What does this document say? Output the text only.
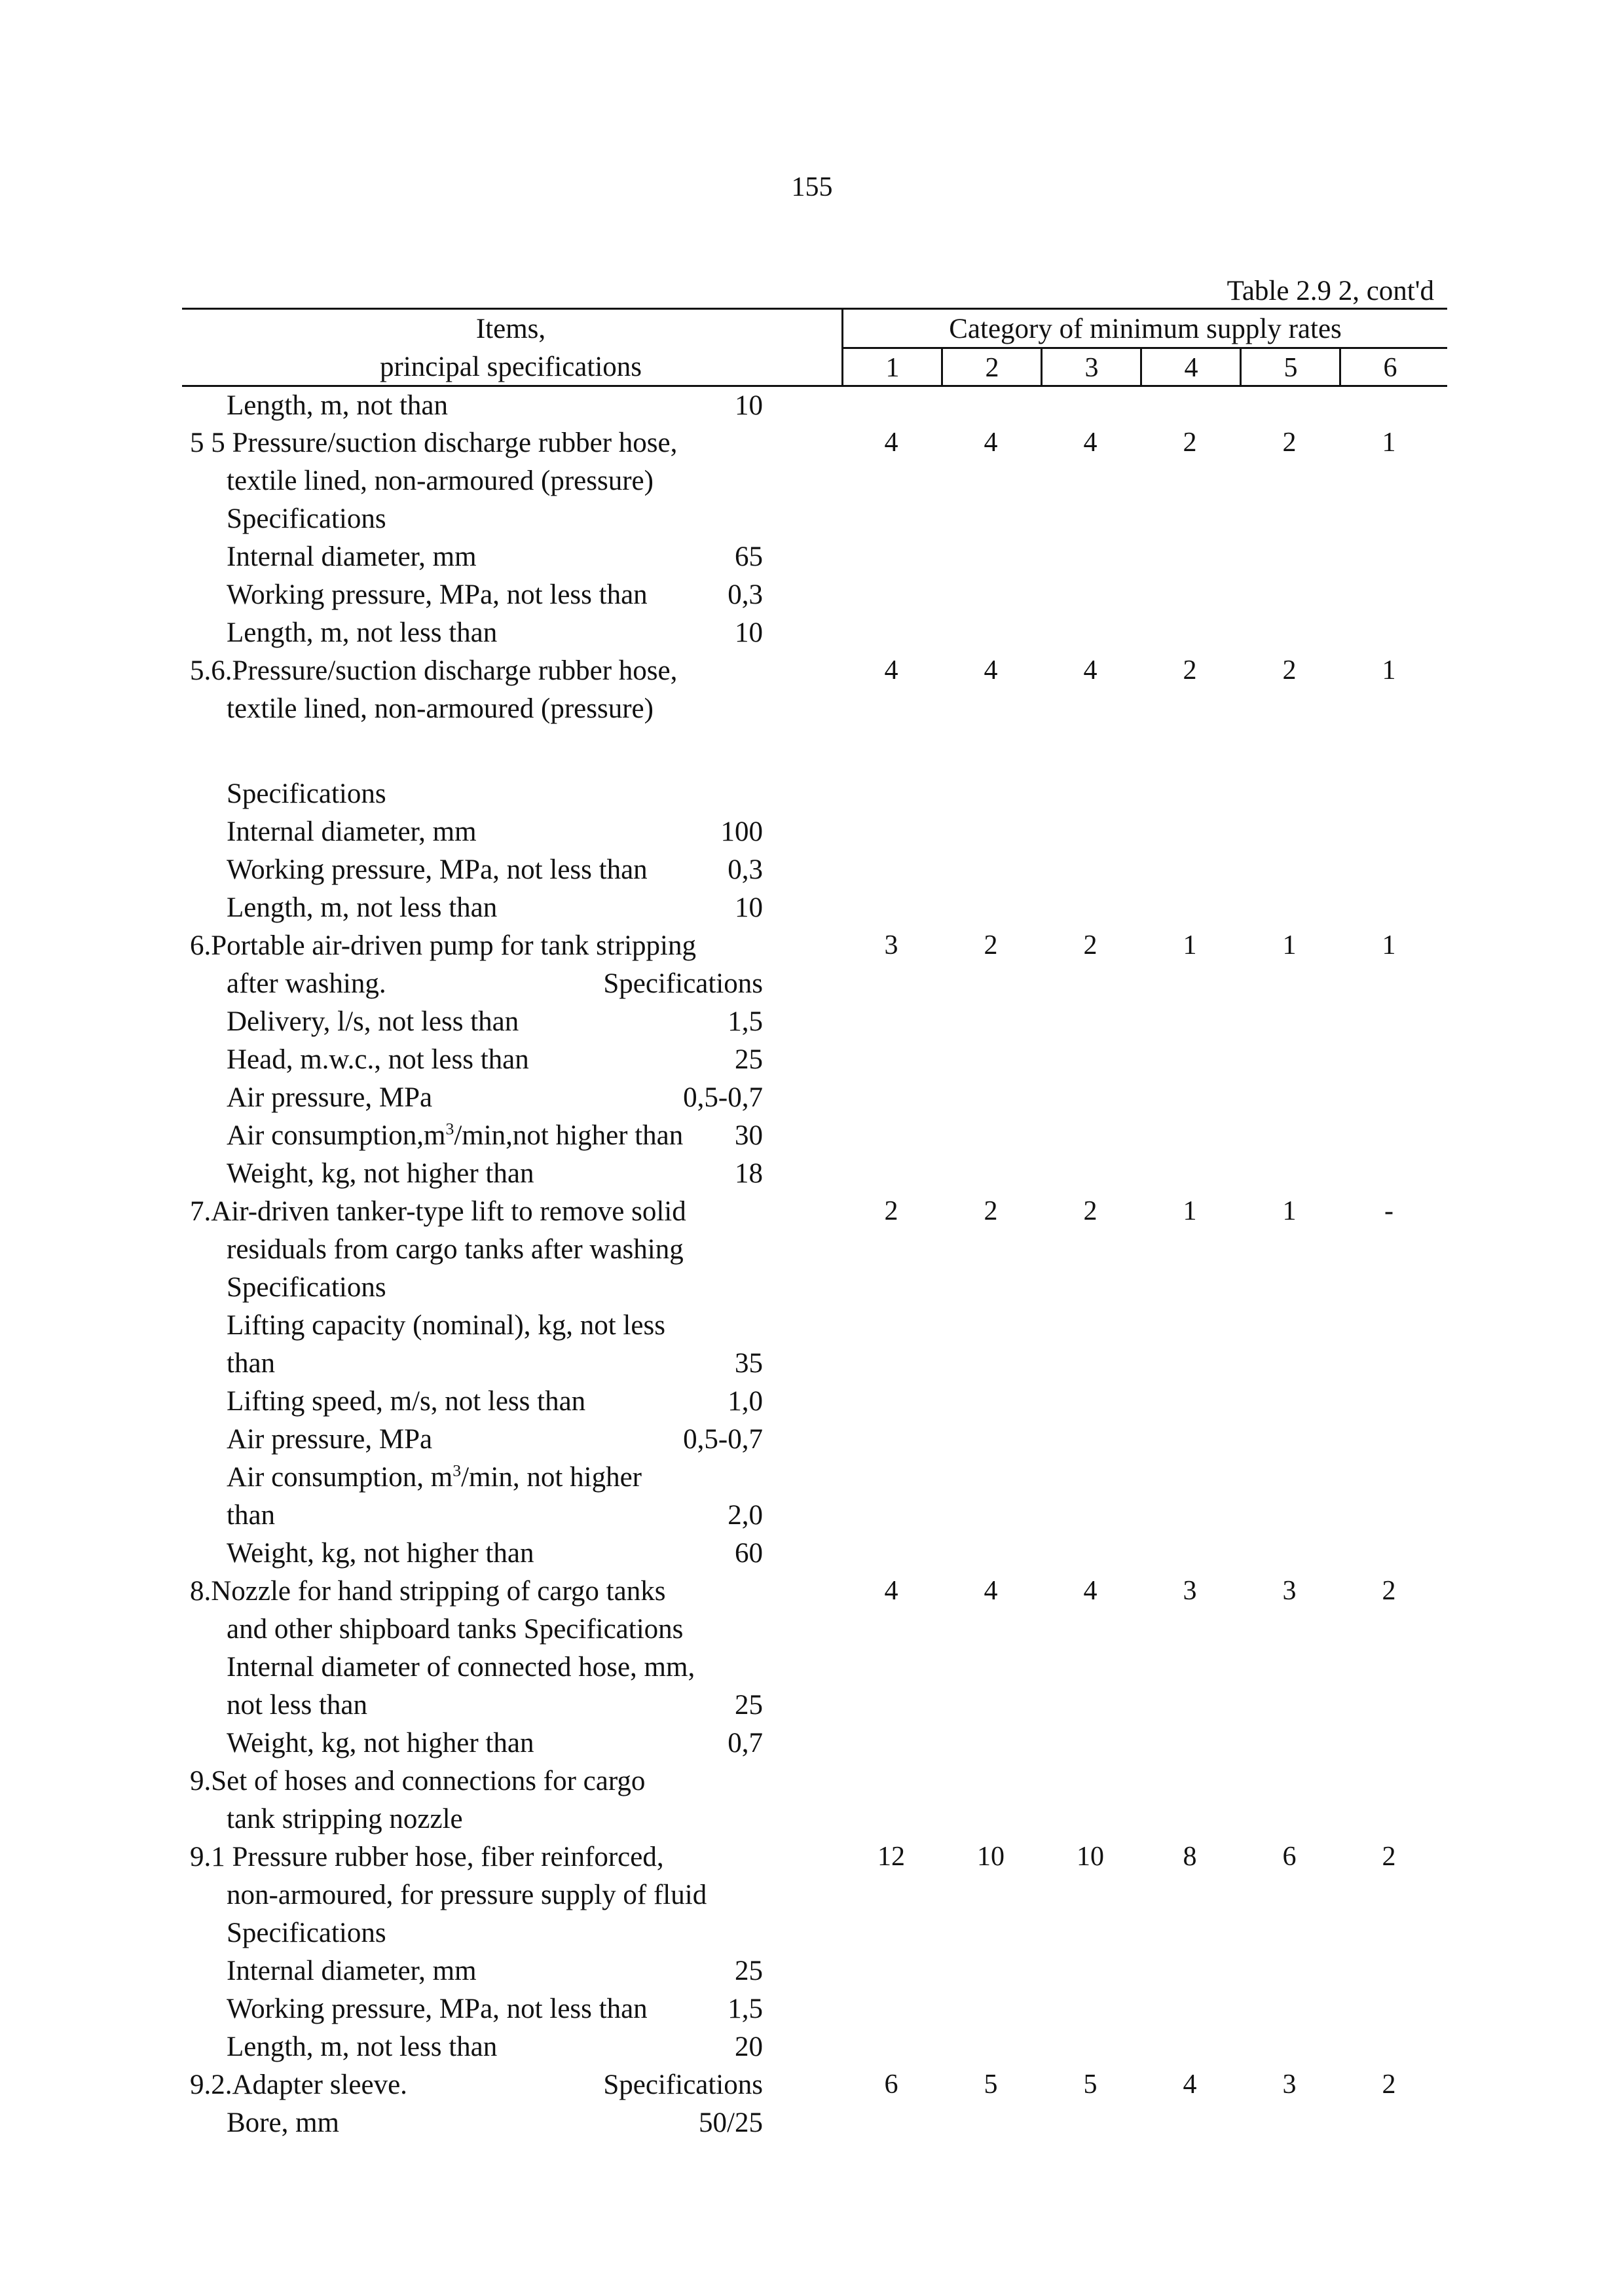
155
Table 2.9 2, cont'd
Items,
principal specifications
Category of minimum supply rates
1	2	3	4	5	6
Length, m, not than	10
5 5 Pressure/suction discharge rubber hose,	4	4	4	2	2	1
textile lined, non-armoured (pressure)
Specifications
Internal diameter, mm	65
Working pressure, MPa, not less than	0,3
Length, m, not less than	10
5.6.Pressure/suction discharge rubber hose,	4	4	4	2	2	1
textile lined, non-armoured (pressure)
Specifications
Internal diameter, mm	100
Working pressure, MPa, not less than	0,3
Length, m, not less than	10
6.Portable air-driven pump for tank stripping	3	2	2	1	1	1
after washing.	Specifications
Delivery, l/s, not less than	1,5
Head, m.w.c., not less than	25
Air pressure, MPa	0,5-0,7
Air $consumption,m^3/\min,not$ higher than 30
Weight, kg, not higher than	18
7.Air-driven tanker-type lift to remove solid	2	2	2	1	1	-
residuals from cargo tanks after washing
Specifications
Lifting capacity (nominal), kg, not less
than	35
Lifting speed, m/s, not less than	1,0
Air pressure, MPa	0,5-0,7
Air consumption, $m^3/\min$, not higher
than	2,0
Weight, kg, not higher than	60
8.Nozzle for hand stripping of cargo tanks	4	4	4	3	3	2
and other shipboard tanks Specifications
Internal diameter of connected hose, mm,
not less than	25
Weight, kg, not higher than	0,7
9.Set of hoses and connections for cargo
tank stripping nozzle
9.1 Pressure rubber hose, fiber reinforced,	12	10	10	8	6	2
non-armoured, for pressure supply of fluid
Specifications
Internal diameter, mm	25
Working pressure, MPa, not less than	1,5
Length, m, not less than	20
9.2.Adapter sleeve.	Specifications	6	5	5	4	3	2
Bore, mm	50/25
